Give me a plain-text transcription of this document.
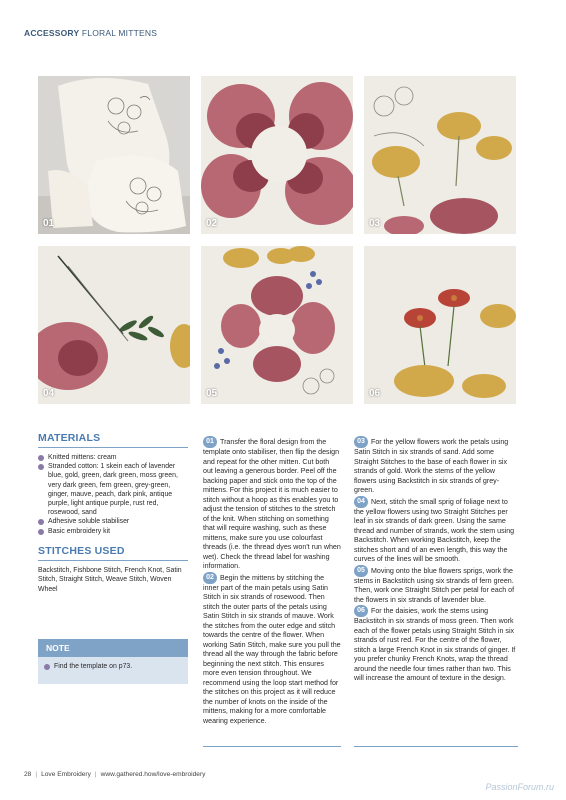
ACCESSORY FLORAL MITTENS
01	02	03
04	05	06
MATERIALS
Knitted mittens: cream
Stranded cotton: 1 skein each of lavender blue, gold, green, dark green, moss green, very dark green, fern green, grey-green, ginger, mauve, peach, dark pink, antique purple, light antique purple, rust red, rosewood, sand
Adhesive soluble stabiliser
Basic embroidery kit
STITCHES USED
Backstitch, Fishbone Stitch, French Knot, Satin Stitch, Straight Stitch, Weave Stitch, Woven Wheel
NOTE
Find the template on p73.

01 Transfer the floral design from the template onto stabiliser, then flip the design and repeat for the other mitten. Cut both out leaving a generous border. Peel off the backing paper and stick onto the top of the mittens. For this project it is much easier to stitch without a hoop as this enables you to adjust the tension of stitches to the stretch of the knit. When stitching on something that will require washing, such as these mittens, make sure you use colourfast threads (i.e. the thread dyes won't run when wet). Check the thread label for washing information.

02 Begin the mittens by stitching the inner part of the main petals using Satin Stitch in six strands of rosewood. Then stitch the outer parts of the petals using Satin Stitch in six strands of mauve. Work the stitches from the outer edge and stitch towards the centre of the flower. When working Satin Stitch, make sure you pull the thread all the way through the fabric before beginning the next stitch. This ensures more even tension throughout. We recommend using the loop start method for the stitches on this project as it will reduce the number of knots on the inside of the mittens, making for a more comfortable wearing experience.

03 For the yellow flowers work the petals using Satin Stitch in six strands of sand. Add some Straight Stitches to the base of each flower in six strands of gold. Work the stems of the yellow flowers using Backstitch in six strands of grey-green.

04 Next, stitch the small sprig of foliage next to the yellow flowers using two Straight Stitches per leaf in six strands of dark green. Using the same thread and number of strands, work the stem using Backstitch. When working Backstitch, keep the stitches short and of an even length, this way the curves of the lines will be smooth.

05 Moving onto the blue flowers sprigs, work the stems in Backstitch using six strands of fern green. Then, work one Straight Stitch per petal for each of the flowers in six strands of lavender blue.

06 For the daisies, work the stems using Backstitch in six strands of moss green. Then work each of the flower petals using Straight Stitch in six strands of rust red. For the centre of the flower, stitch a large French Knot in six strands of ginger. If you prefer chunky French Knots, wrap the thread around the needle four times rather than two. This will increase the amount of texture in the design.

28 | Love Embroidery | www.gathered.how/love-embroidery
PassionForum.ru
